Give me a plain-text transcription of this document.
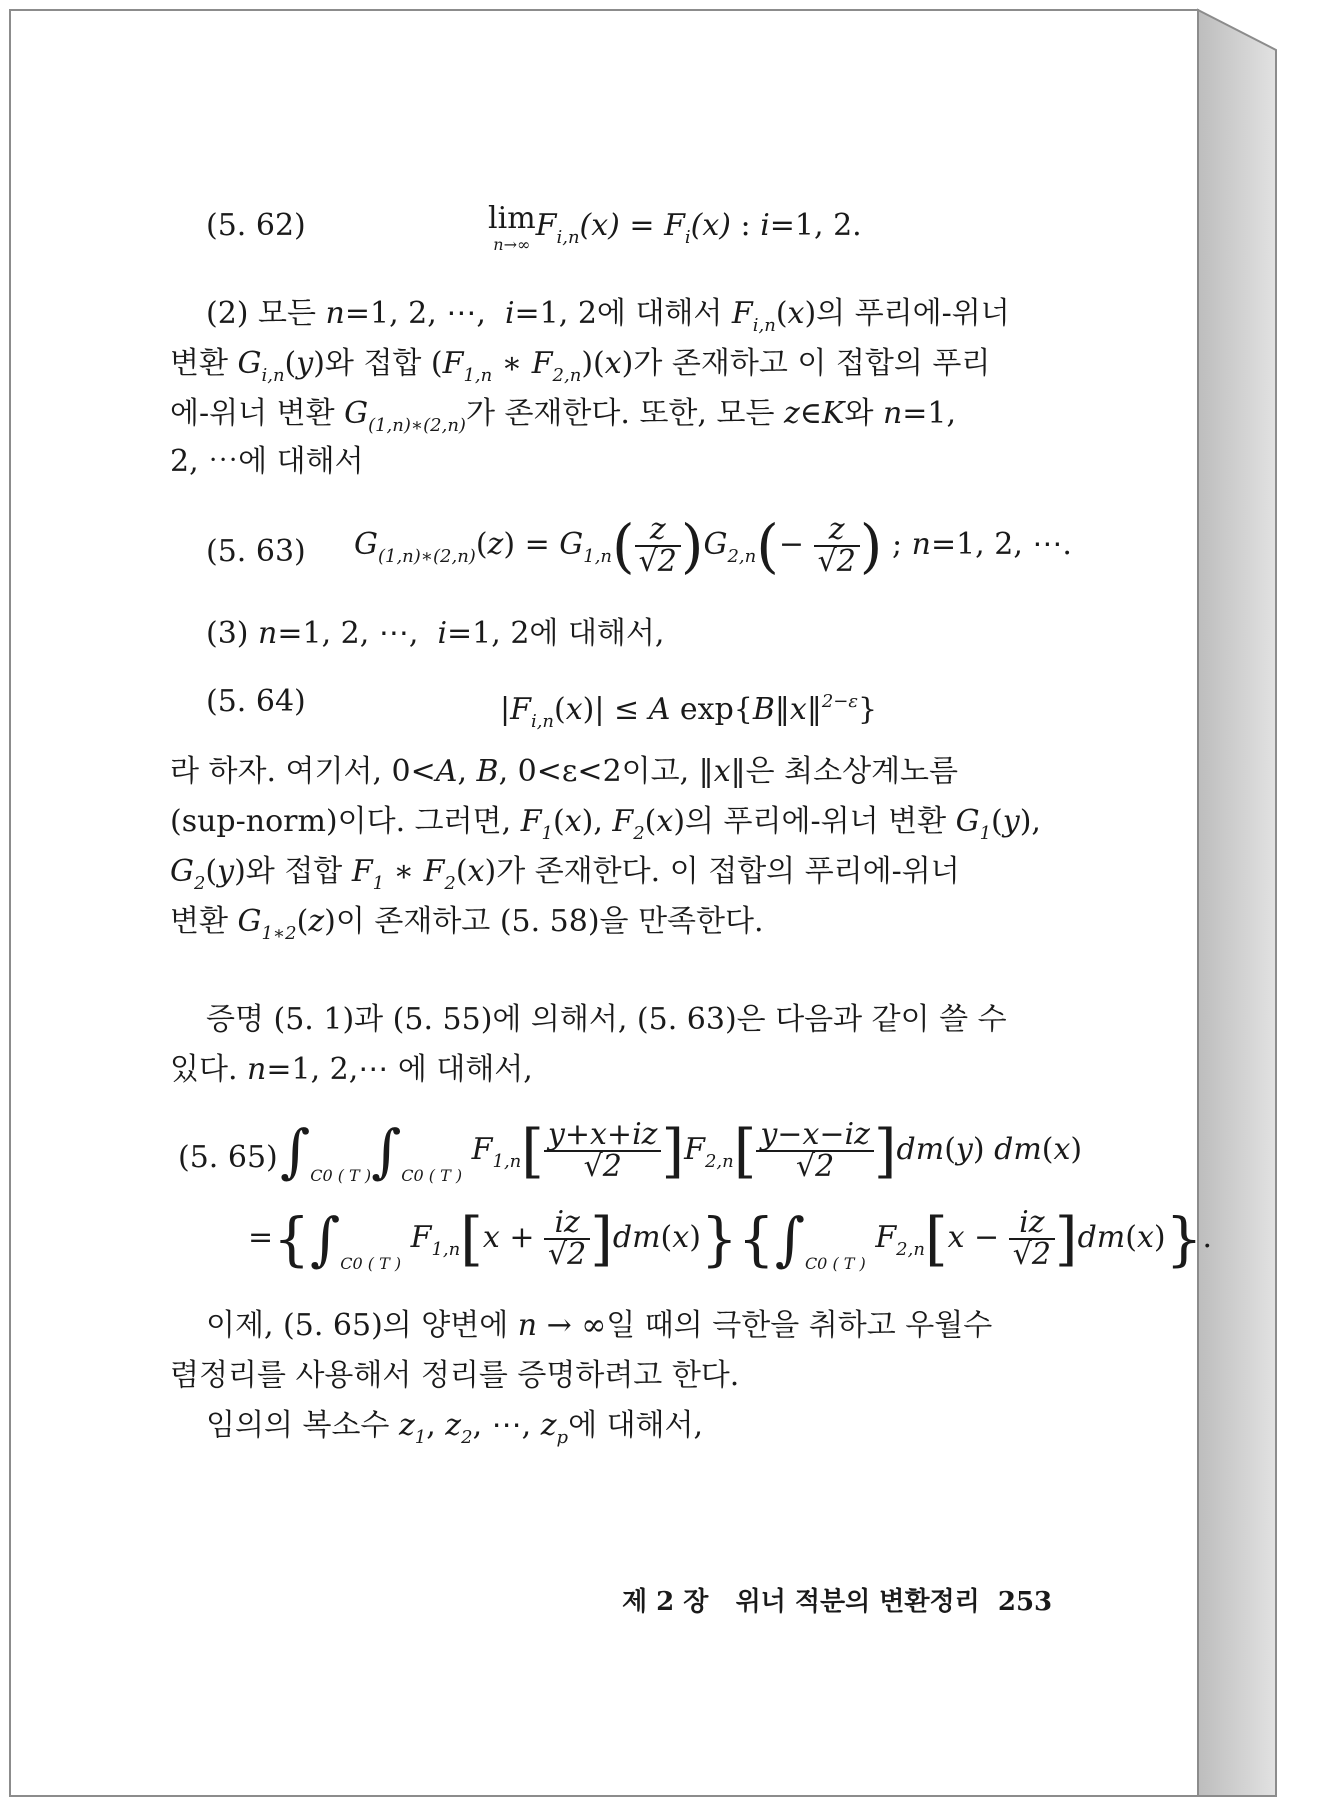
(5. 62)	lim
n→∞
$F_{i,n}(x) = F_i(x)$ : i=1, 2.
(2) 모든 n=1, 2, ⋯,  i=1, 2에 대해서 $F_{i,n}(x)$의 푸리에-위너
변환 $G_{i,n}(y)$와 접합 ($F_{1,n}$ ∗ $F_{2,n})(x)$가 존재하고 이 접합의 푸리
에-위너 변환 $G_{(1,n)∗(2,n)}$가 존재한다. 또한, 모든 z∈K와 n=1,
2, ⋯에 대해서
(5. 63) $G_{(1,n)∗(2,n)}(z) = G_{1,n}( \frac{z}{√2} )G_{2,n}(- \frac{z}{√2}$ ) ; n=1, 2, ⋯.
(3) n=1, 2, ⋯,  i=1, 2에 대해서,
(5. 64)	$|F_{i,n}(x)| \le A$ exp{B‖x‖$^{2-\varepsilon}$}
라 하자. 여기서, 0<A, B, 0<ε<2이고, ‖x‖은 최소상계노름
(sup-norm)이다. 그러면, $F_1(x)$, $F_2(x)$의 푸리에-위너 변환 $G_1(y)$,
$G_2(y)$와 접합 $F_1$ ∗ $F_2(x)$가 존재한다. 이 접합의 푸리에-위너
변환 $G_{1∗2}(z)$이 존재하고 (5. 58)을 만족한다.
증명 (5. 1)과 (5. 55)에 의해서, (5. 63)은 다음과 같이 쓸 수
있다. n=1, 2,⋯ 에 대해서,
(5. 65) $\int_{C0 ( T )}\int_{C0 ( T )}$ $F_{1,n}[ \frac{y+x+iz}{√2} ]F_{2,n}[ \frac{y-x-iz}{√2} ]dm(y)$ dm(x)
$=\{\int_{C0 ( T )}$ $F_{1,n}[x + \frac{iz}{√2} ]dm(x)\}\{\int_{C0 ( T )}$ $F_{2,n}[x - \frac{iz}{√2} ]dm(x)$}.
이제, (5. 65)의 양변에 n → ∞일 때의 극한을 취하고 우월수
렴정리를 사용해서 정리를 증명하려고 한다.
임의의 복소수 $z_1$, $z_2$, ⋯, $z_p$에 대해서,
제 2 장 위너 적분의 변환정리 253
